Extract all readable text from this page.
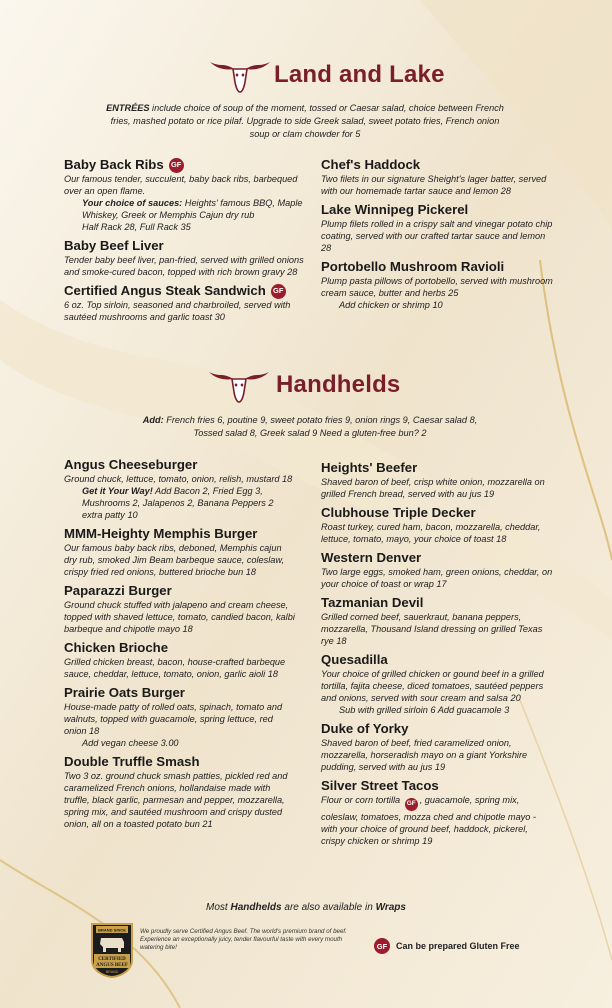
Land and Lake
ENTRÉES include choice of soup of the moment, tossed or Caesar salad, choice between French fries, mashed potato or rice pilaf. Upgrade to side Greek salad, sweet potato fries, French onion soup or clam chowder for 5
Baby Back Ribs GF
Our famous tender, succulent, baby back ribs, barbequed over an open flame.
Your choice of sauces: Heights' famous BBQ, Maple Whiskey, Greek or Memphis Cajun dry rub
Half Rack 28, Full Rack 35
Baby Beef Liver
Tender baby beef liver, pan-fried, served with grilled onions and smoke-cured bacon, topped with rich brown gravy 28
Certified Angus Steak Sandwich GF
6 oz. Top sirloin, seasoned and charbroiled, served with sautéed mushrooms and garlic toast 30
Chef's Haddock
Two filets in our signature Sheight's lager batter, served with our homemade tartar sauce and lemon 28
Lake Winnipeg Pickerel
Plump filets rolled in a crispy salt and vinegar potato chip coating, served with our crafted tartar sauce and lemon 28
Portobello Mushroom Ravioli
Plump pasta pillows of portobello, served with mushroom cream sauce, butter and herbs 25
Add chicken or shrimp 10
Handhelds
Add: French fries 6, poutine 9, sweet potato fries 9, onion rings 9, Caesar salad 8, Tossed salad 8, Greek salad 9 Need a gluten-free bun? 2
Angus Cheeseburger
Ground chuck, lettuce, tomato, onion, relish, mustard 18
Get it Your Way! Add Bacon 2, Fried Egg 3, Mushrooms 2, Jalapenos 2, Banana Peppers 2 extra patty 10
MMM-Heighty Memphis Burger
Our famous baby back ribs, deboned, Memphis cajun dry rub, smoked Jim Beam barbeque sauce, coleslaw, crispy fried red onions, buttered brioche bun 18
Paparazzi Burger
Ground chuck stuffed with jalapeno and cream cheese, topped with shaved lettuce, tomato, candied bacon, kalbi barbeque and chipotle mayo 18
Chicken Brioche
Grilled chicken breast, bacon, house-crafted barbeque sauce, cheddar, lettuce, tomato, onion, garlic aioli 18
Prairie Oats Burger
House-made patty of rolled oats, spinach, tomato and walnuts, topped with guacamole, spring lettuce, red onion 18
Add vegan cheese 3.00
Double Truffle Smash
Two 3 oz. ground chuck smash patties, pickled red and caramelized French onions, hollandaise made with truffle, black garlic, parmesan and pepper, mozzarella, spring mix, and sautéed mushroom and crispy dusted onion, all on a toasted potato bun 21
Heights' Beefer
Shaved baron of beef, crisp white onion, mozzarella on grilled French bread, served with au jus 19
Clubhouse Triple Decker
Roast turkey, cured ham, bacon, mozzarella, cheddar, lettuce, tomato, mayo, your choice of toast 18
Western Denver
Two large eggs, smoked ham, green onions, cheddar, on your choice of toast or wrap 17
Tazmanian Devil
Grilled corned beef, sauerkraut, banana peppers, mozzarella, Thousand Island dressing on grilled Texas rye 18
Quesadilla
Your choice of grilled chicken or gound beef in a grilled tortilla, fajita cheese, diced tomatoes, sautéed peppers and onions, served with sour cream and salsa 20
Sub with grilled sirloin 6 Add guacamole 3
Duke of Yorky
Shaved baron of beef, fried caramelized onion, mozzarella, horseradish mayo on a giant Yorkshire pudding, served with au jus 19
Silver Street Tacos
Flour or corn tortilla GF , guacamole, spring mix, coleslaw, tomatoes, mozza ched and chipotle mayo - with your choice of ground beef, haddock, pickerel, crispy chicken or shrimp 19
Most Handhelds are also available in Wraps
BRAND SINCE
CERTIFIED
ANGUS BEEF
BRAND
We proudly serve Certified Angus Beef. The world's premium brand of beef. Experience an exceptionally juicy, tender flavourful taste with every mouth watering bite!	GF Can be prepared Gluten Free
